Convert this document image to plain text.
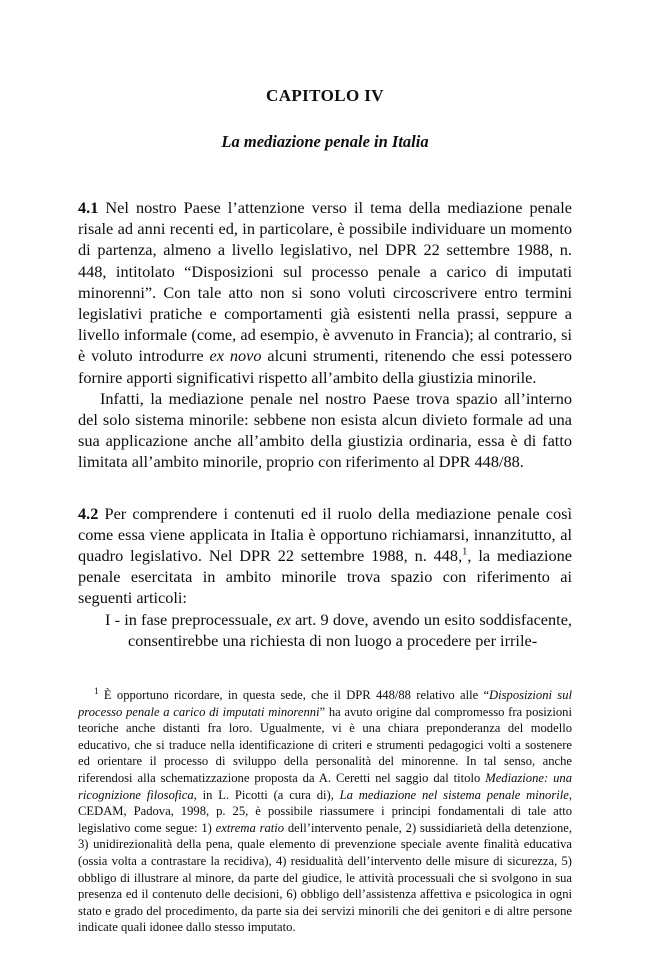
CAPITOLO IV
La mediazione penale in Italia

4.1 Nel nostro Paese l’attenzione verso il tema della mediazione penale risale ad anni recenti ed, in particolare, è possibile individuare un momento di partenza, almeno a livello legislativo, nel DPR 22 settembre 1988, n. 448, intitolato “Disposizioni sul processo penale a carico di imputati minorenni”. Con tale atto non si sono voluti circoscrivere entro termini legislativi pratiche e comportamenti già esistenti nella prassi, seppure a livello informale (come, ad esempio, è avvenuto in Francia); al contrario, si è voluto introdurre ex novo alcuni strumenti, ritenendo che essi potessero fornire apporti significativi rispetto all’ambito della giustizia minorile.

Infatti, la mediazione penale nel nostro Paese trova spazio all’interno del solo sistema minorile: sebbene non esista alcun divieto formale ad una sua applicazione anche all’ambito della giustizia ordinaria, essa è di fatto limitata all’ambito minorile, proprio con riferimento al DPR 448/88.

4.2 Per comprendere i contenuti ed il ruolo della mediazione penale così come essa viene applicata in Italia è opportuno richiamarsi, innanzitutto, al quadro legislativo. Nel DPR 22 settembre 1988, n. 448,$^1$, la mediazione penale esercitata in ambito minorile trova spazio con riferimento ai seguenti articoli:

I - in fase preprocessuale, ex art. 9 dove, avendo un esito soddisfacente, consentirebbe una richiesta di non luogo a procedere per irrile-

$^1$ È opportuno ricordare, in questa sede, che il DPR 448/88 relativo alle “Disposizioni sul processo penale a carico di imputati minorenni” ha avuto origine dal compromesso fra posizioni teoriche anche distanti fra loro. Ugualmente, vi è una chiara preponderanza del modello educativo, che si traduce nella identificazione di criteri e strumenti pedagogici volti a sostenere ed orientare il processo di sviluppo della personalità del minorenne. In tal senso, anche riferendosi alla schematizzazione proposta da A. Ceretti nel saggio dal titolo Mediazione: una ricognizione filosofica, in L. Picotti (a cura di), La mediazione nel sistema penale minorile, CEDAM, Padova, 1998, p. 25, è possibile riassumere i principi fondamentali di tale atto legislativo come segue: 1) extrema ratio dell’intervento penale, 2) sussidiarietà della detenzione, 3) unidirezionalità della pena, quale elemento di prevenzione speciale avente finalità educativa (ossia volta a contrastare la recidiva), 4) residualità dell’intervento delle misure di sicurezza, 5) obbligo di illustrare al minore, da parte del giudice, le attività processuali che si svolgono in sua presenza ed il contenuto delle decisioni, 6) obbligo dell’assistenza affettiva e psicologica in ogni stato e grado del procedimento, da parte sia dei servizi minorili che dei genitori e di altre persone indicate quali idonee dallo stesso imputato.
